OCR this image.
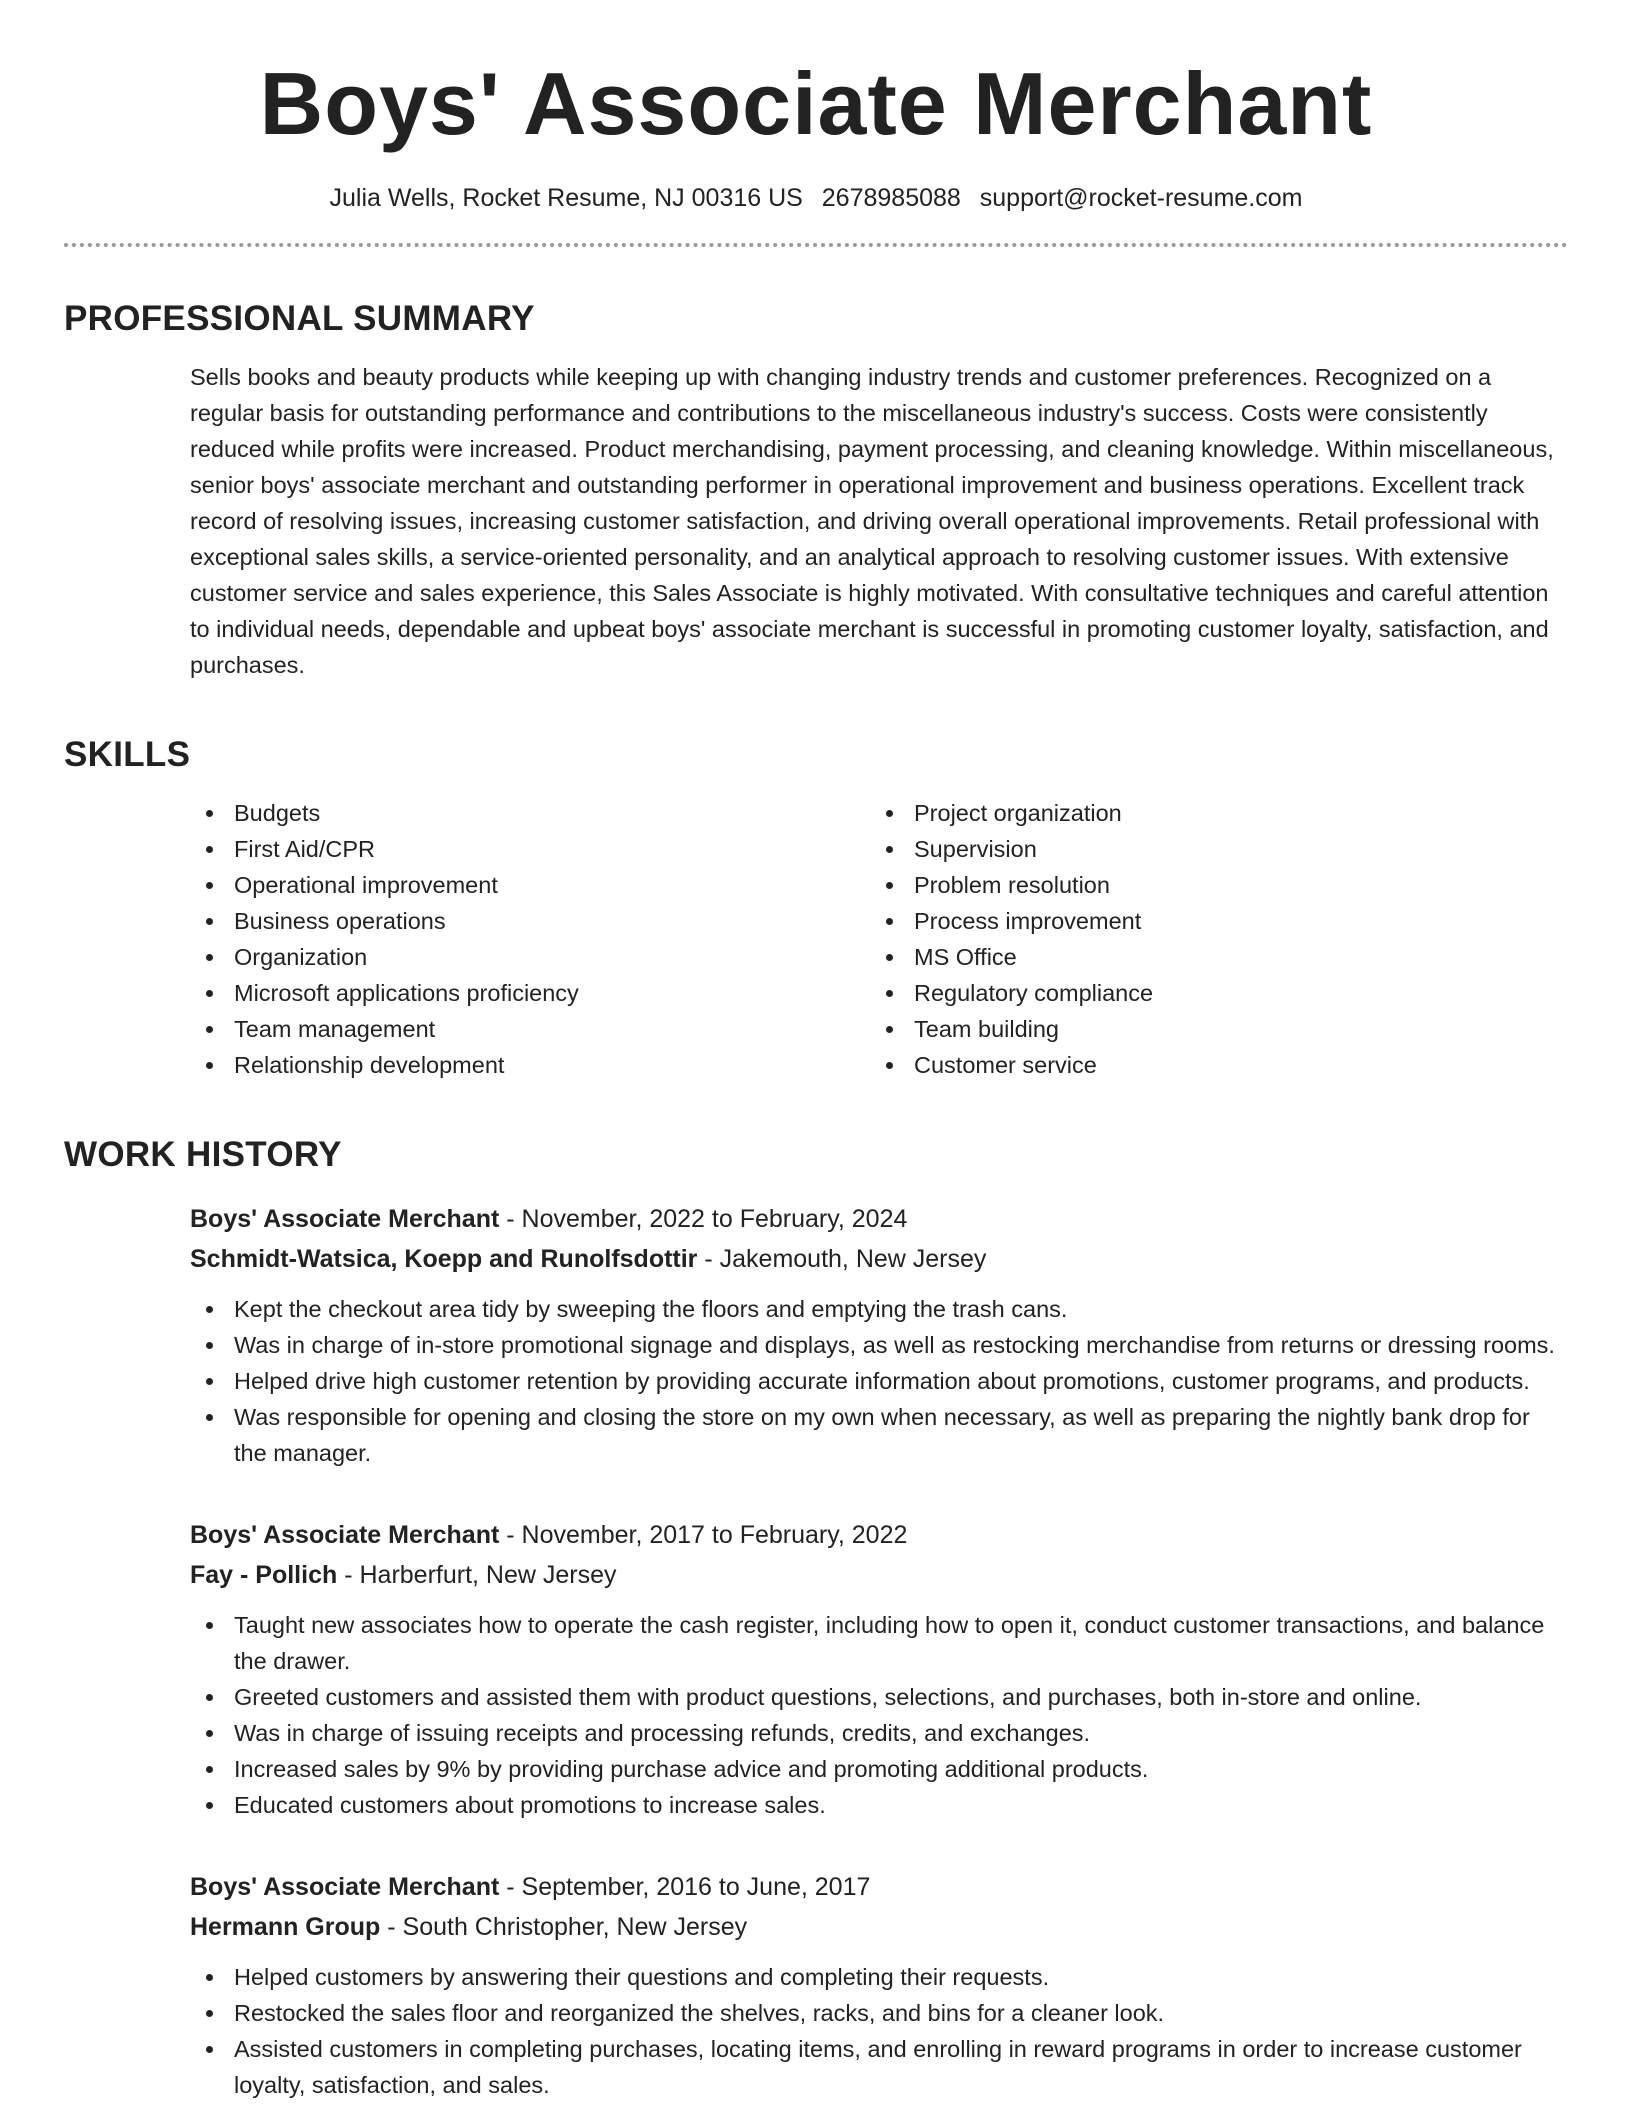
Boys' Associate Merchant
Julia Wells, Rocket Resume, NJ 00316 US 2678985088 support@rocket-resume.com
PROFESSIONAL SUMMARY

Sells books and beauty products while keeping up with changing industry trends and customer preferences. Recognized on a regular basis for outstanding performance and contributions to the miscellaneous industry's success. Costs were consistently reduced while profits were increased. Product merchandising, payment processing, and cleaning knowledge. Within miscellaneous, senior boys' associate merchant and outstanding performer in operational improvement and business operations. Excellent track record of resolving issues, increasing customer satisfaction, and driving overall operational improvements. Retail professional with exceptional sales skills, a service-oriented personality, and an analytical approach to resolving customer issues. With extensive customer service and sales experience, this Sales Associate is highly motivated. With consultative techniques and careful attention to individual needs, dependable and upbeat boys' associate merchant is successful in promoting customer loyalty, satisfaction, and purchases.

SKILLS
Budgets
First Aid/CPR
Operational improvement
Business operations
Organization
Microsoft applications proficiency
Team management
Relationship development
Project organization
Supervision
Problem resolution
Process improvement
MS Office
Regulatory compliance
Team building
Customer service
WORK HISTORY
Boys' Associate Merchant - November, 2022 to February, 2024
Schmidt-Watsica, Koepp and Runolfsdottir - Jakemouth, New Jersey
Kept the checkout area tidy by sweeping the floors and emptying the trash cans.
Was in charge of in-store promotional signage and displays, as well as restocking merchandise from returns or dressing rooms.
Helped drive high customer retention by providing accurate information about promotions, customer programs, and products.
Was responsible for opening and closing the store on my own when necessary, as well as preparing the nightly bank drop for the manager.
Boys' Associate Merchant - November, 2017 to February, 2022
Fay - Pollich - Harberfurt, New Jersey
Taught new associates how to operate the cash register, including how to open it, conduct customer transactions, and balance the drawer.
Greeted customers and assisted them with product questions, selections, and purchases, both in-store and online.
Was in charge of issuing receipts and processing refunds, credits, and exchanges.
Increased sales by 9% by providing purchase advice and promoting additional products.
Educated customers about promotions to increase sales.
Boys' Associate Merchant - September, 2016 to June, 2017
Hermann Group - South Christopher, New Jersey
Helped customers by answering their questions and completing their requests.
Restocked the sales floor and reorganized the shelves, racks, and bins for a cleaner look.
Assisted customers in completing purchases, locating items, and enrolling in reward programs in order to increase customer loyalty, satisfaction, and sales.
